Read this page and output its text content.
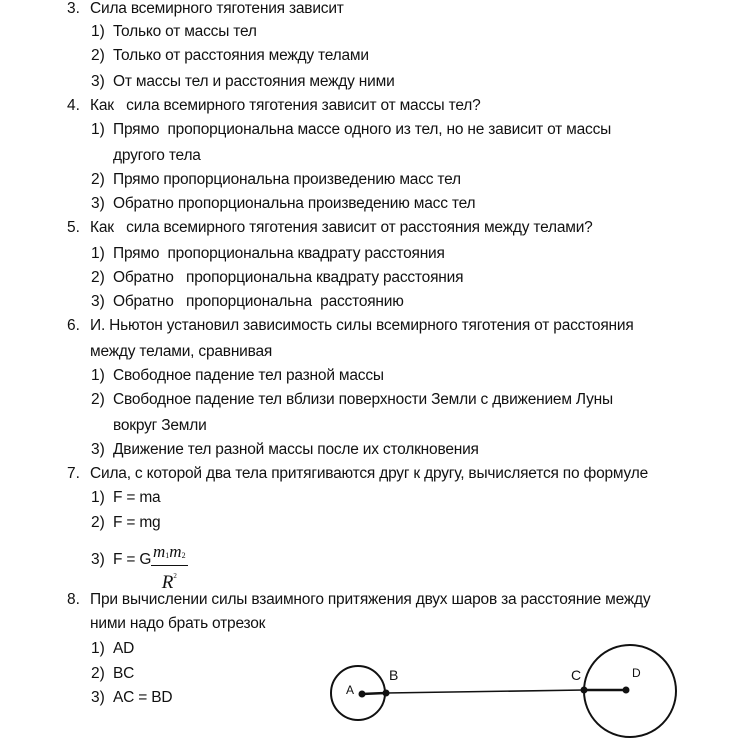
3. Сила всемирного тяготения зависит
1) Только от массы тел
2) Только от расстояния между телами
3) От массы тел и расстояния между ними
4. Как   сила всемирного тяготения зависит от массы тел?
1) Прямо  пропорциональна массе одного из тел, но не зависит от массы
другого тела
2) Прямо пропорциональна произведению масс тел
3) Обратно пропорциональна произведению масс тел
5. Как   сила всемирного тяготения зависит от расстояния между телами?
1) Прямо  пропорциональна квадрату расстояния
2) Обратно   пропорциональна квадрату расстояния
3) Обратно   пропорциональна  расстоянию
6. И. Ньютон установил зависимость силы всемирного тяготения от расстояния
между телами, сравнивая
1) Свободное падение тел разной массы
2) Свободное падение тел вблизи поверхности Земли с движением Луны
вокруг Земли
3) Движение тел разной массы после их столкновения
7. Сила, с которой два тела притягиваются друг к другу, вычисляется по формуле
1) F = ma
2) F = mg
3) F = G $\frac{m_1m_2}{R^2}$
8. При вычислении силы взаимного притяжения двух шаров за расстояние между
ними надо брать отрезок
1) AD
2) BC
3) AC = BD	A
B	C	D
